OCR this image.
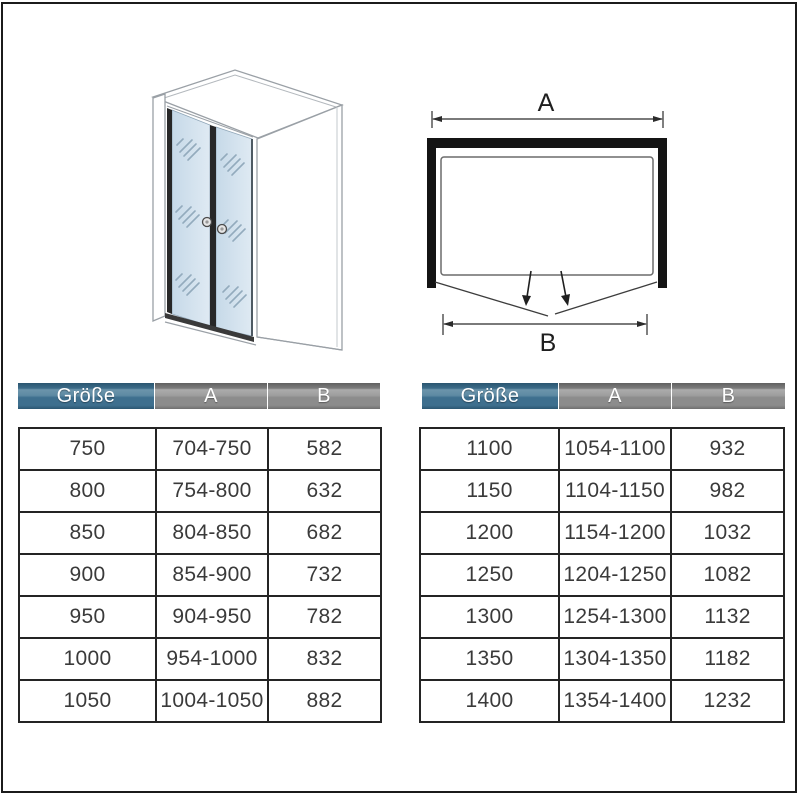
A
B
Größe	A	B
750	704-750	582
800	754-800	632
850	804-850	682
900	854-900	732
950	904-950	782
1000	954-1000	832
1050	1004-1050	882
Größe	A	B
1100	1054-1100	932
1150	1104-1150	982
1200	1154-1200	1032
1250	1204-1250	1082
1300	1254-1300	1132
1350	1304-1350	1182
1400	1354-1400	1232
